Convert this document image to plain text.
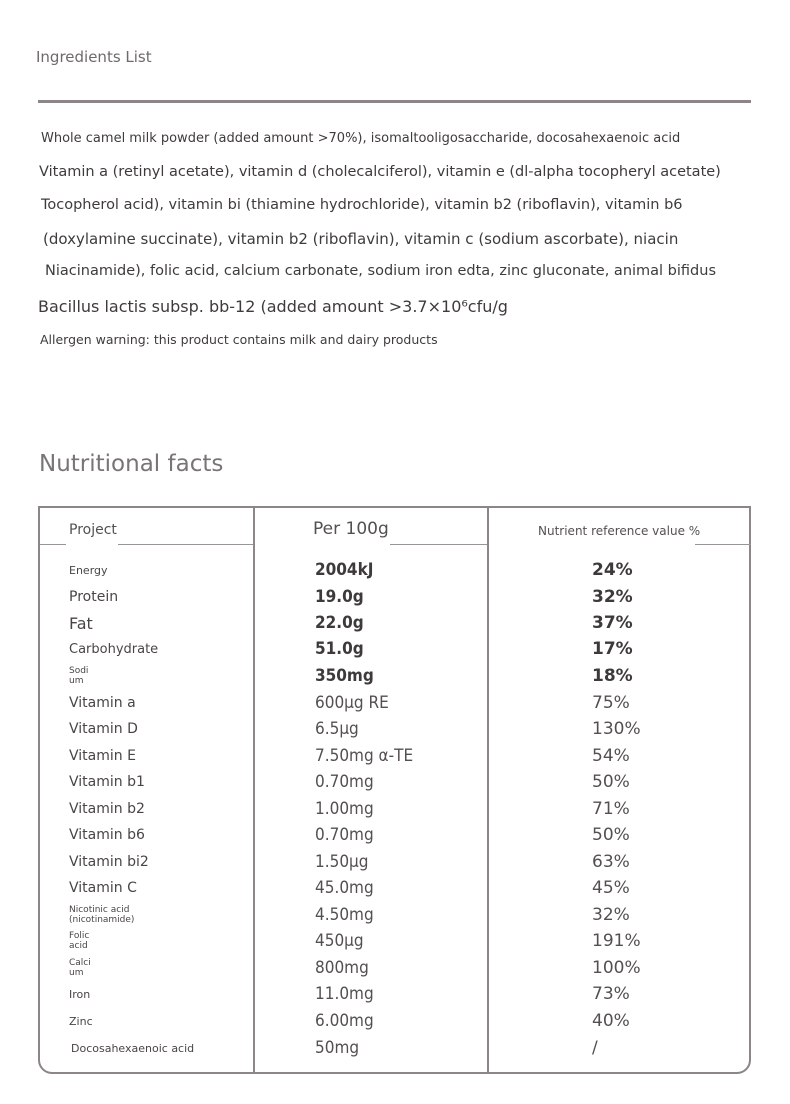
Ingredients List
Whole camel milk powder (added amount >70%), isomaltooligosaccharide, docosahexaenoic acid
Vitamin a (retinyl acetate), vitamin d (cholecalciferol), vitamin e (dl-alpha tocopheryl acetate)
Tocopherol acid), vitamin bi (thiamine hydrochloride), vitamin b2 (riboflavin), vitamin b6
(doxylamine succinate), vitamin b2 (riboflavin), vitamin c (sodium ascorbate), niacin
Niacinamide), folic acid, calcium carbonate, sodium iron edta, zinc gluconate, animal bifidus
Bacillus lactis subsp. bb-12 (added amount >3.7×10⁶cfu/g
Allergen warning: this product contains milk and dairy products
Nutritional facts
Project	Per 100g	Nutrient reference value %
Energy	2004kJ	24%
Protein	19.0g	32%
Fat	22.0g	37%
Carbohydrate	51.0g	17%
Sodium	350mg	18%
Vitamin a	600μg RE	75%
Vitamin D	6.5μg	130%
Vitamin E	7.50mg α-TE	54%
Vitamin b1	0.70mg	50%
Vitamin b2	1.00mg	71%
Vitamin b6	0.70mg	50%
Vitamin bi2	1.50μg	63%
Vitamin C	45.0mg	45%
Nicotinic acid (nicotinamide)	4.50mg	32%
Folic acid	450μg	191%
Calcium	800mg	100%
Iron	11.0mg	73%
Zinc	6.00mg	40%
Docosahexaenoic acid	50mg	/
